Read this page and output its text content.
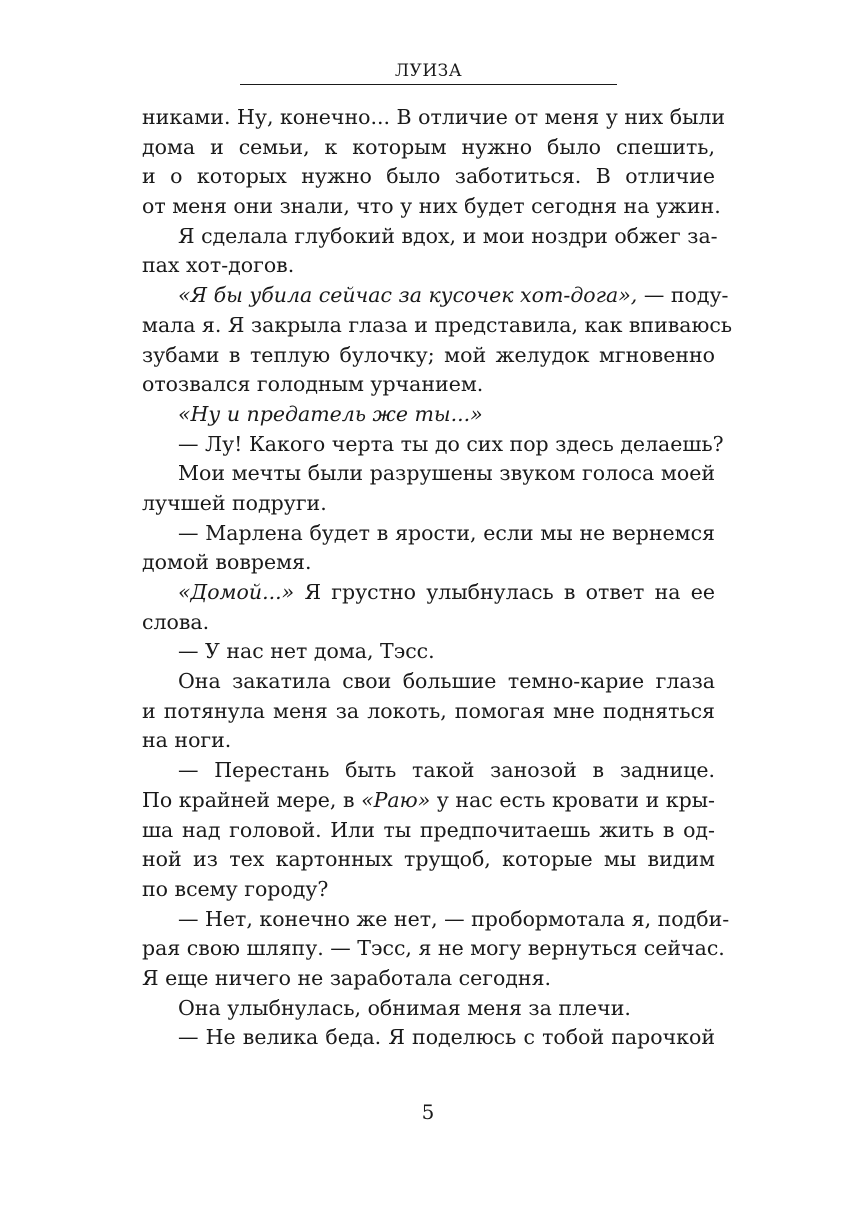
ЛУИЗА
никами. Ну, конечно... В отличие от меня у них были
дома и семьи, к которым нужно было спешить,
и о которых нужно было заботиться. В отличие
от меня они знали, что у них будет сегодня на ужин.
Я сделала глубокий вдох, и мои ноздри обжег за-
пах хот-догов.
«Я бы убила сейчас за кусочек хот-дога», — поду-
мала я. Я закрыла глаза и представила, как впиваюсь
зубами в теплую булочку; мой желудок мгновенно
отозвался голодным урчанием.
«Ну и предатель же ты...»
— Лу! Какого черта ты до сих пор здесь делаешь?
Мои мечты были разрушены звуком голоса моей
лучшей подруги.
— Марлена будет в ярости, если мы не вернемся
домой вовремя.
«Домой...» Я грустно улыбнулась в ответ на ее
слова.
— У нас нет дома, Тэсс.
Она закатила свои большие темно-карие глаза
и потянула меня за локоть, помогая мне подняться
на ноги.
— Перестань быть такой занозой в заднице.
По крайней мере, в «Раю» у нас есть кровати и кры-
ша над головой. Или ты предпочитаешь жить в од-
ной из тех картонных трущоб, которые мы видим
по всему городу?
— Нет, конечно же нет, — пробормотала я, подби-
рая свою шляпу. — Тэсс, я не могу вернуться сейчас.
Я еще ничего не заработала сегодня.
Она улыбнулась, обнимая меня за плечи.
— Не велика беда. Я поделюсь с тобой парочкой
5
